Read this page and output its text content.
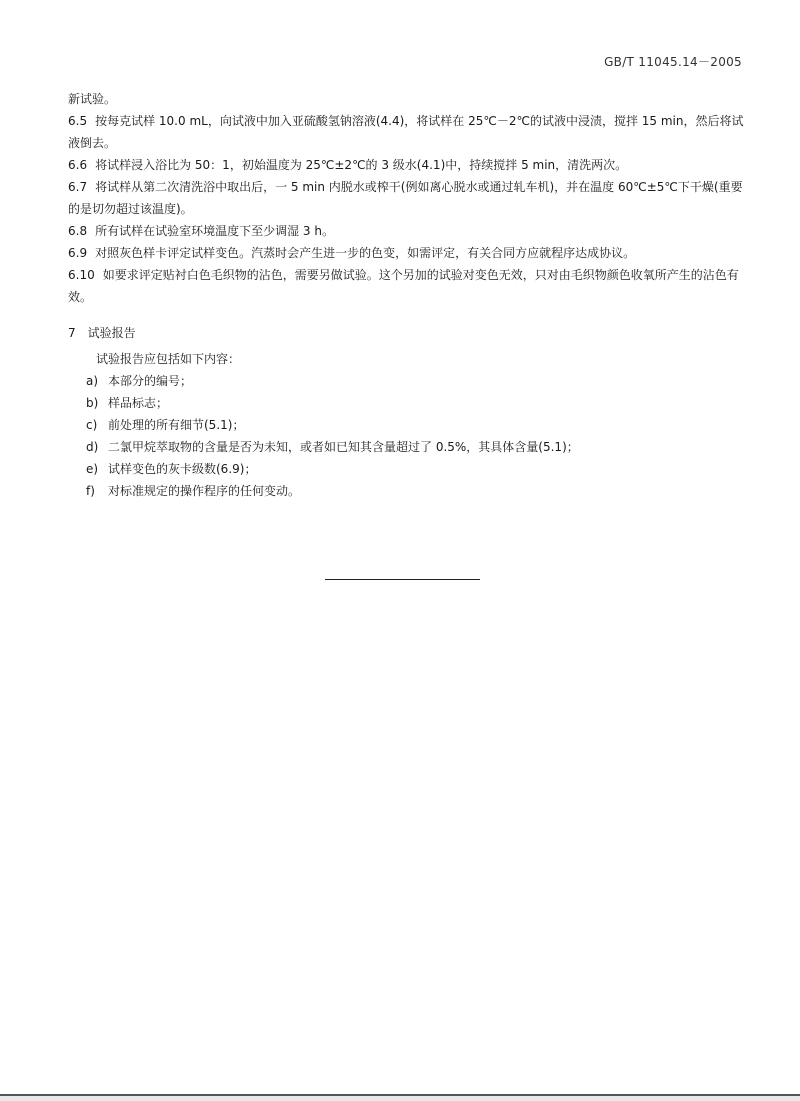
GB/T 11045.14－2005

新试验。

6.5 按每克试样 10.0 mL，向试液中加入亚硫酸氢钠溶液(4.4)，将试样在 25℃－2℃的试液中浸渍，搅拌 15 min，然后将试液倒去。

6.6 将试样浸入浴比为 50：1，初始温度为 25℃±2℃的 3 级水(4.1)中，持续搅拌 5 min，清洗两次。

6.7 将试样从第二次清洗浴中取出后，一 5 min 内脱水或榨干(例如离心脱水或通过轧车机)，并在温度 60℃±5℃下干燥(重要的是切勿超过该温度)。

6.8 所有试样在试验室环境温度下至少调湿 3 h。

6.9 对照灰色样卡评定试样变色。汽蒸时会产生进一步的色变，如需评定，有关合同方应就程序达成协议。

6.10 如要求评定贴衬白色毛织物的沾色，需要另做试验。这个另加的试验对变色无效，只对由毛织物颜色收氧所产生的沾色有效。

7 试验报告

试验报告应包括如下内容：

a) 本部分的编号；
b) 样品标志；
c) 前处理的所有细节(5.1)；
d) 二氯甲烷萃取物的含量是否为未知，或者如已知其含量超过了 0.5%，其具体含量(5.1)；
e) 试样变色的灰卡级数(6.9)；
f) 对标准规定的操作程序的任何变动。
